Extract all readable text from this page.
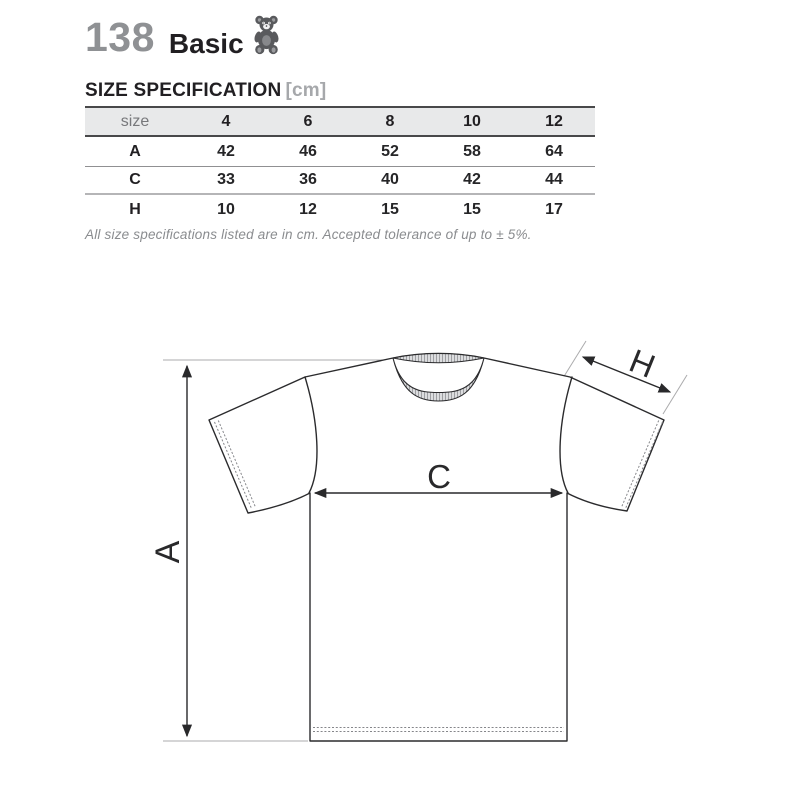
138 Basic
SIZE SPECIFICATION [cm]
size	4	6	8	10	12
A	42	46	52	58	64
C	33	36	40	42	44
H	10	12	15	15	17
All size specifications listed are in cm. Accepted tolerance of up to ± 5%.
A
C
H
